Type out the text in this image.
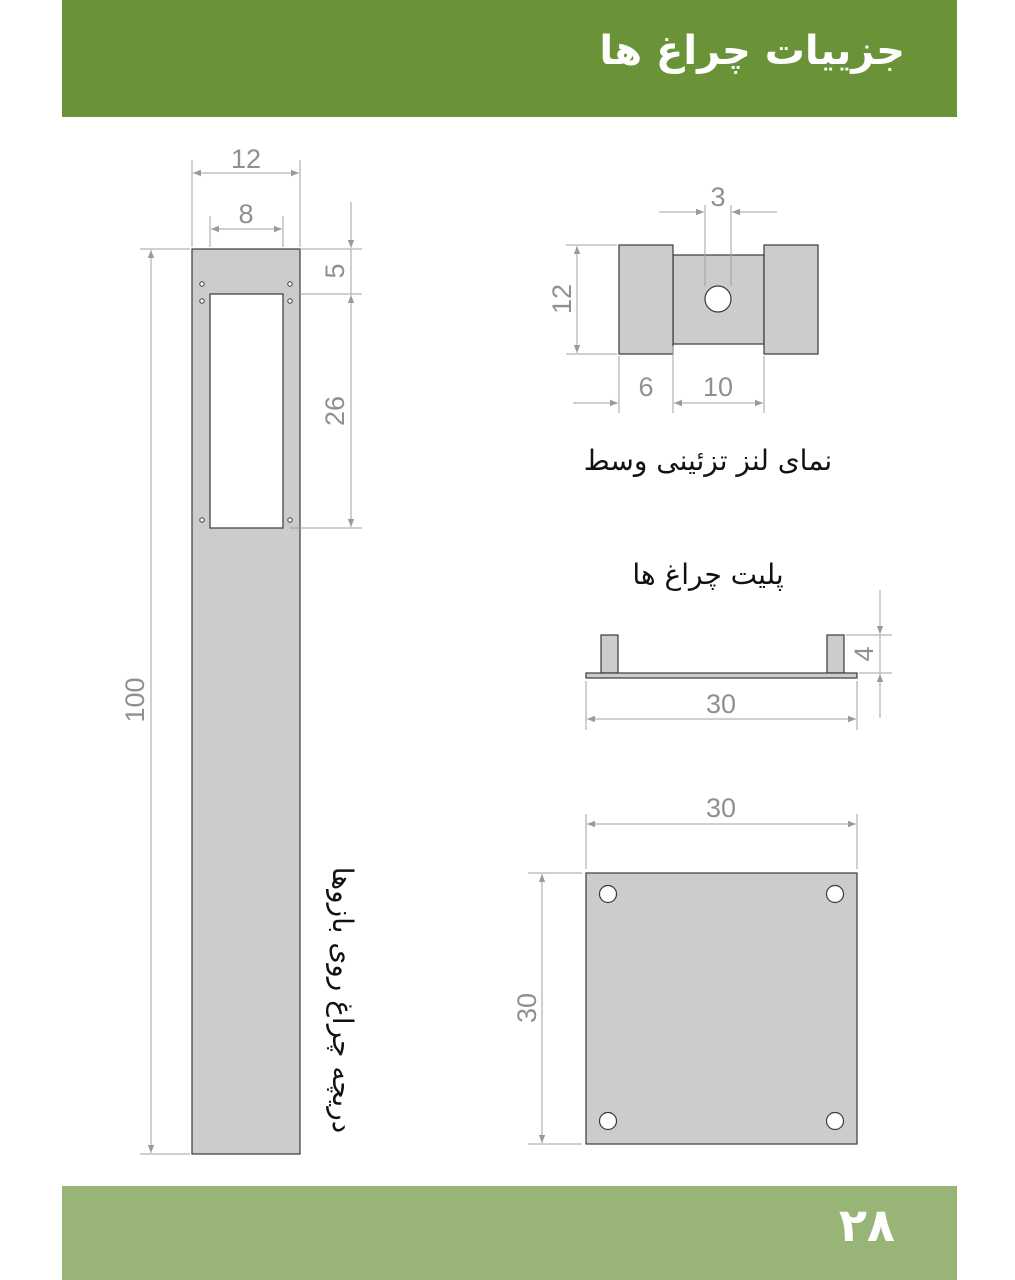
جزییات چراغ ها
12
8
5
26
100
دریچه چراغ روی بازوها
3
12
6 10
نمای لنز تزئینی وسط
پلیت چراغ ها
4
30
30
30
۲۸
